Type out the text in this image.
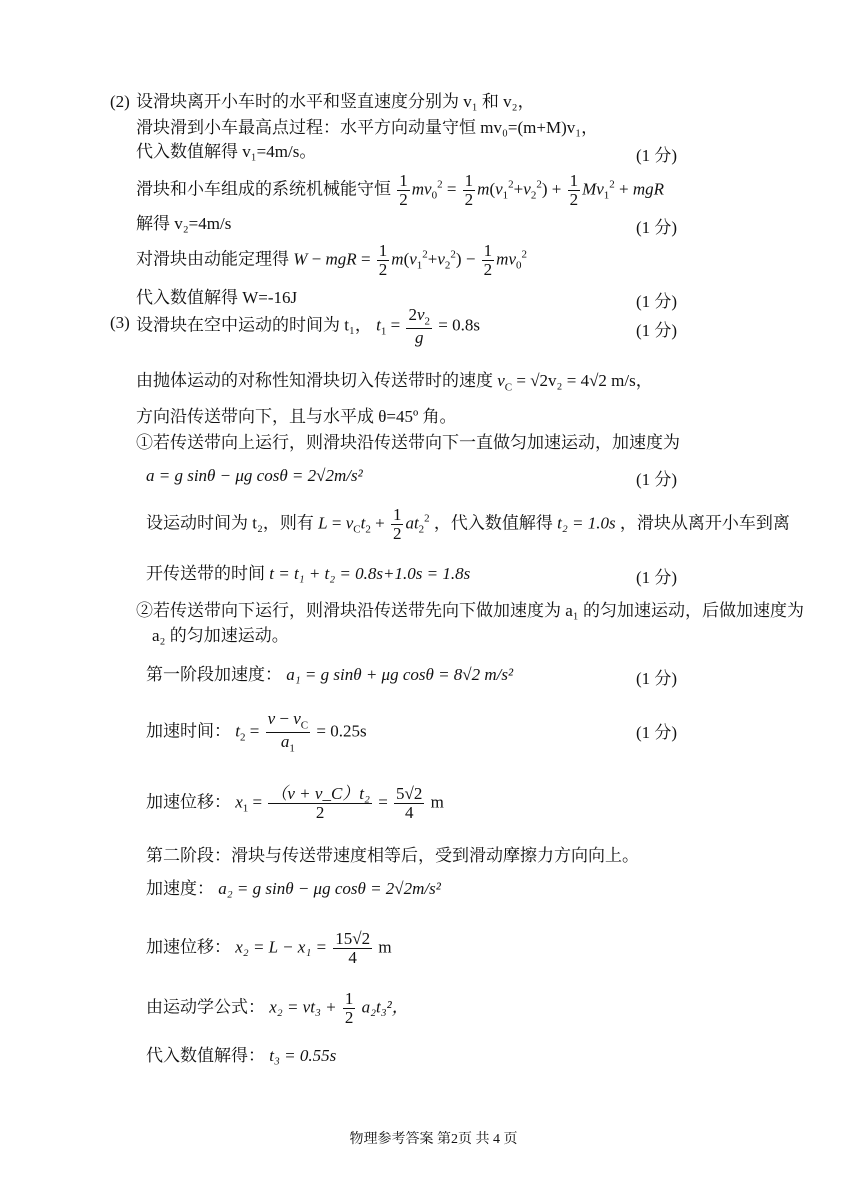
(2) 设滑块离开小车时的水平和竖直速度分别为 v₁ 和 v₂，
滑块滑到小车最高点过程：水平方向动量守恒 mv₀=(m+M)v₁，
代入数值解得 v₁=4m/s。	(1 分)
滑块和小车组成的系统机械能守恒 $\frac{1}{2} mv_0^2 = \frac{1}{2} m(v_1^2+v_2^2) + \frac{1}{2} Mv_1^2$ + mgR
解得 v₂=4m/s	(1 分)
对滑块由动能定理得 W − mgR = $\frac{1}{2} m(v_1^2+v_2^2) - \frac{1}{2} mv_0^2$
代入数值解得 W=-16J	(1 分)
(3) 设滑块在空中运动的时间为 t₁， $t_1 = \frac{2v_2}{g} = 0.8s$	(1 分)
由抛体运动的对称性知滑块切入传送带时的速度 $v_C = √2v_2 = 4√2$ m/s，
方向沿传送带向下，且与水平成 θ=45º 角。
①若传送带向上运行，则滑块沿传送带向下一直做匀加速运动，加速度为
a = g sinθ − μg cosθ = 2√2m/s²	(1 分)
设运动时间为 t₂，则有 $L = v_Ct_2 + \frac{1}{2} at_2^2$ ，代入数值解得 t₂ = 1.0s ，滑块从离开小车到离
开传送带的时间 t = t₁ + t₂ = 0.8s+1.0s = 1.8s	(1 分)
②若传送带向下运行，则滑块沿传送带先向下做加速度为 a₁ 的匀加速运动，后做加速度为
a₂ 的匀加速运动。
第一阶段加速度： a₁ = g sinθ + μg cosθ = 8√2 m/s²	(1 分)
加速时间： $t_2 = \frac{v - v_C}{a_1} = 0.25s$	(1 分)
加速位移： $x_1 = \frac{\text{（v + v\_C）t₂}}{2} = \frac{5√2}{4}$ m
第二阶段：滑块与传送带速度相等后，受到滑动摩擦力方向向上。
加速度： a₂ = g sinθ − μg cosθ = 2√2m/s²
加速位移： $x_2 = L - x_1 = \frac{15√2}{4}$ m
由运动学公式： $x_2 = vt_3 + \frac{1}{2} a_2t_3^2$，
代入数值解得： t₃ = 0.55s
物理参考答案 第2页 共 4 页
